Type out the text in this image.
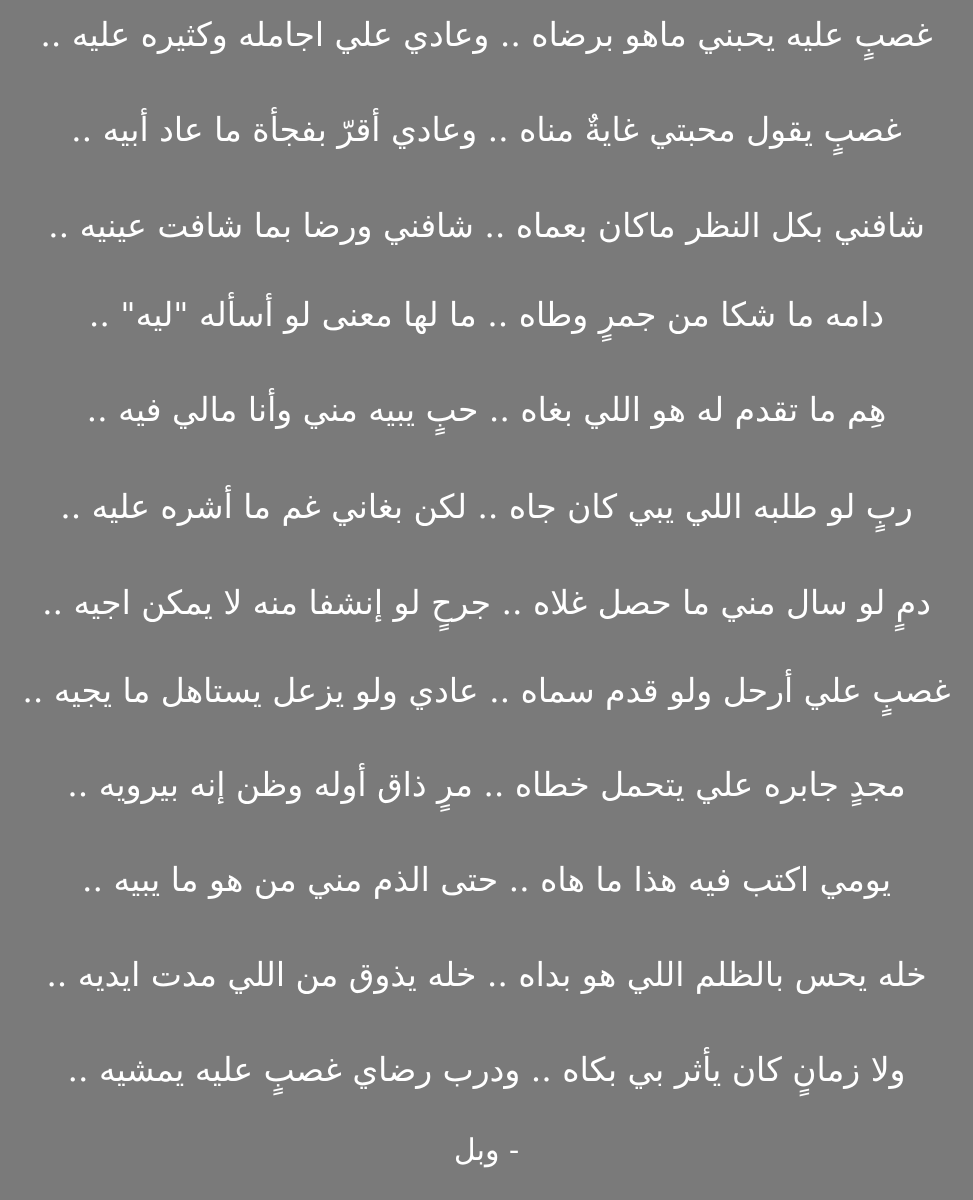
غصبٍ عليه يحبني ماهو برضاه .. وعادي علي اجامله وكثيره عليه ..
غصبٍ يقول محبتي غايةٌ مناه .. وعادي أقرّ بفجأة ما عاد أبيه ..
شافني بكل النظر ماكان بعماه .. شافني ورضا بما شافت عينيه ..
دامه ما شكا من جمرٍ وطاه .. ما لها معنى لو أسأله "ليه" ..
هِم ما تقدم له هو اللي بغاه .. حبٍ يبيه مني وأنا مالي فيه ..
ربٍ لو طلبه اللي يبي كان جاه .. لكن بغاني غم ما أشره عليه ..
دمٍ لو سال مني ما حصل غلاه .. جرحٍ لو إنشفا منه لا يمكن اجيه ..
غصبٍ علي أرحل ولو قدم سماه .. عادي ولو يزعل يستاهل ما يجيه ..
مجدٍ جابره علي يتحمل خطاه .. مرٍ ذاق أوله وظن إنه بيرويه ..
يومي اكتب فيه هذا ما هاه .. حتى الذم مني من هو ما يبيه ..
خله يحس بالظلم اللي هو بداه .. خله يذوق من اللي مدت ايديه ..
ولا زمانٍ كان يأثر بي بكاه .. ودرب رضاي غصبٍ عليه يمشيه ..
- وبل
